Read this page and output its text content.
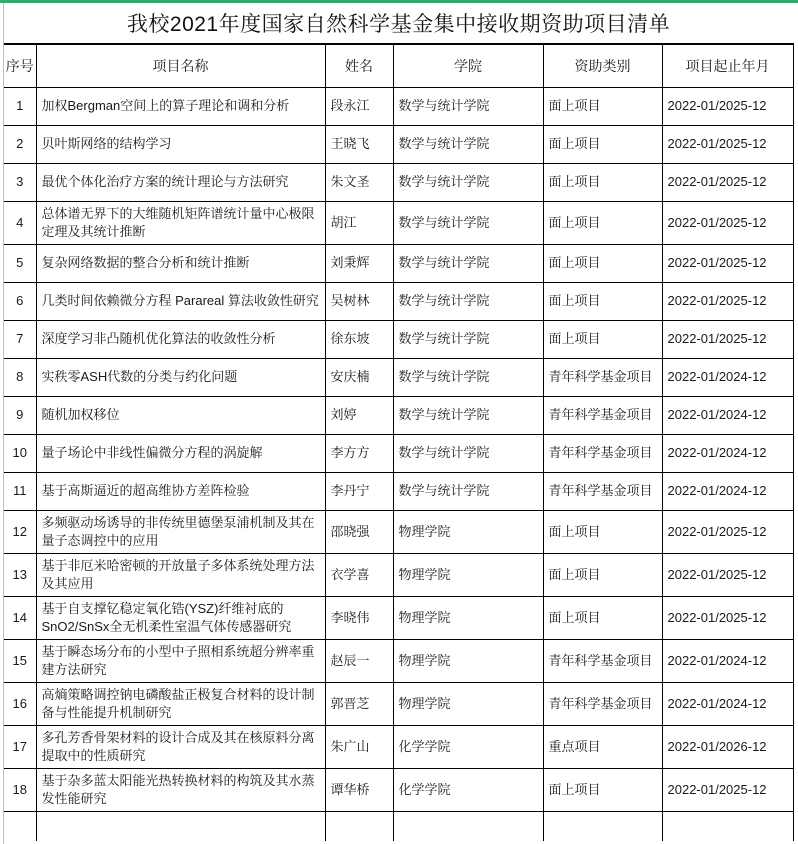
我校2021年度国家自然科学基金集中接收期资助项目清单
序号	项目名称	姓名	学院	资助类别	项目起止年月
1	加权Bergman空间上的算子理论和调和分析	段永江	数学与统计学院	面上项目	2022-01/2025-12
2	贝叶斯网络的结构学习	王晓飞	数学与统计学院	面上项目	2022-01/2025-12
3	最优个体化治疗方案的统计理论与方法研究	朱文圣	数学与统计学院	面上项目	2022-01/2025-12
4	总体谱无界下的大维随机矩阵谱统计量中心极限定理及其统计推断	胡江	数学与统计学院	面上项目	2022-01/2025-12
5	复杂网络数据的整合分析和统计推断	刘秉辉	数学与统计学院	面上项目	2022-01/2025-12
6	几类时间依赖微分方程 Parareal 算法收敛性研究	吴树林	数学与统计学院	面上项目	2022-01/2025-12
7	深度学习非凸随机优化算法的收敛性分析	徐东坡	数学与统计学院	面上项目	2022-01/2025-12
8	实秩零ASH代数的分类与约化问题	安庆楠	数学与统计学院	青年科学基金项目	2022-01/2024-12
9	随机加权移位	刘婷	数学与统计学院	青年科学基金项目	2022-01/2024-12
10	量子场论中非线性偏微分方程的涡旋解	李方方	数学与统计学院	青年科学基金项目	2022-01/2024-12
11	基于高斯逼近的超高维协方差阵检验	李丹宁	数学与统计学院	青年科学基金项目	2022-01/2024-12
12	多频驱动场诱导的非传统里德堡泵浦机制及其在量子态调控中的应用	邵晓强	物理学院	面上项目	2022-01/2025-12
13	基于非厄米哈密顿的开放量子多体系统处理方法及其应用	衣学喜	物理学院	面上项目	2022-01/2025-12
14	基于自支撑钇稳定氧化锆(YSZ)纤维衬底的SnO2/SnSx全无机柔性室温气体传感器研究	李晓伟	物理学院	面上项目	2022-01/2025-12
15	基于瞬态场分布的小型中子照相系统超分辨率重建方法研究	赵辰一	物理学院	青年科学基金项目	2022-01/2024-12
16	高熵策略调控钠电磷酸盐正极复合材料的设计制备与性能提升机制研究	郭晋芝	物理学院	青年科学基金项目	2022-01/2024-12
17	多孔芳香骨架材料的设计合成及其在核原料分离提取中的性质研究	朱广山	化学学院	重点项目	2022-01/2026-12
18	基于杂多蓝太阳能光热转换材料的构筑及其水蒸发性能研究	谭华桥	化学学院	面上项目	2022-01/2025-12
